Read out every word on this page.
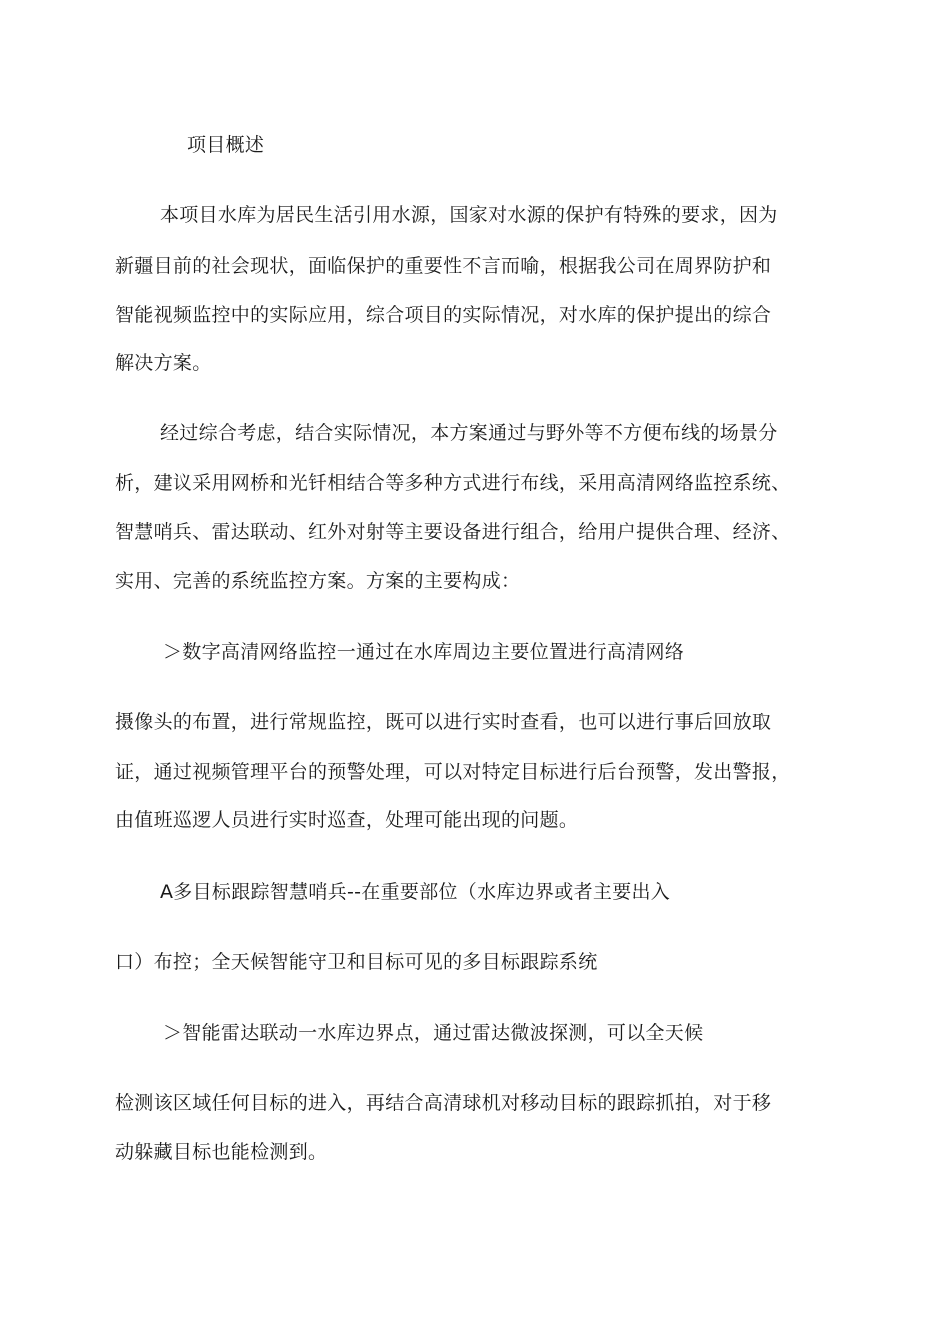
项目概述
本项目水库为居民生活引用水源，国家对水源的保护有特殊的要求，因为
新疆目前的社会现状，面临保护的重要性不言而喻，根据我公司在周界防护和
智能视频监控中的实际应用，综合项目的实际情况，对水库的保护提出的综合
解决方案。
经过综合考虑，结合实际情况，本方案通过与野外等不方便布线的场景分
析，建议采用网桥和光钎相结合等多种方式进行布线，采用高清网络监控系统、
智慧哨兵、雷达联动、红外对射等主要设备进行组合，给用户提供合理、经济、
实用、完善的系统监控方案。方案的主要构成：
＞数字高清网络监控一通过在水库周边主要位置进行高清网络
摄像头的布置，进行常规监控，既可以进行实时查看，也可以进行事后回放取
证，通过视频管理平台的预警处理，可以对特定目标进行后台预警，发出警报，
由值班巡逻人员进行实时巡查，处理可能出现的问题。
A多目标跟踪智慧哨兵--在重要部位（水库边界或者主要出入
口）布控；全天候智能守卫和目标可见的多目标跟踪系统
＞智能雷达联动一水库边界点，通过雷达微波探测，可以全天候
检测该区域任何目标的进入，再结合高清球机对移动目标的跟踪抓拍，对于移
动躲藏目标也能检测到。
